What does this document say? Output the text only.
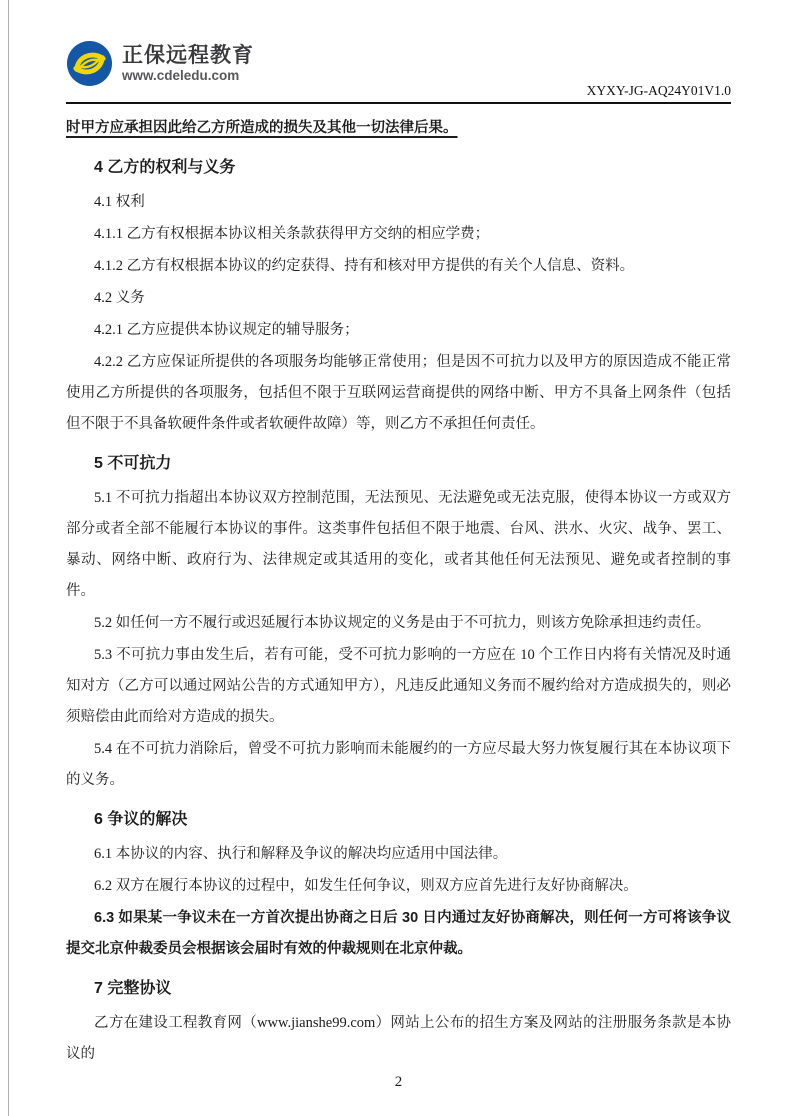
正保远程教育
www.cdeledu.com
XYXY-JG-AQ24Y01V1.0
时甲方应承担因此给乙方所造成的损失及其他一切法律后果。
4 乙方的权利与义务
4.1 权利
4.1.1 乙方有权根据本协议相关条款获得甲方交纳的相应学费；
4.1.2 乙方有权根据本协议的约定获得、持有和核对甲方提供的有关个人信息、资料。
4.2 义务
4.2.1 乙方应提供本协议规定的辅导服务；
4.2.2 乙方应保证所提供的各项服务均能够正常使用；但是因不可抗力以及甲方的原因造成不能正常使用乙方所提供的各项服务，包括但不限于互联网运营商提供的网络中断、甲方不具备上网条件（包括但不限于不具备软硬件条件或者软硬件故障）等，则乙方不承担任何责任。
5 不可抗力
5.1 不可抗力指超出本协议双方控制范围，无法预见、无法避免或无法克服，使得本协议一方或双方部分或者全部不能履行本协议的事件。这类事件包括但不限于地震、台风、洪水、火灾、战争、罢工、暴动、网络中断、政府行为、法律规定或其适用的变化，或者其他任何无法预见、避免或者控制的事件。
5.2 如任何一方不履行或迟延履行本协议规定的义务是由于不可抗力，则该方免除承担违约责任。
5.3 不可抗力事由发生后，若有可能，受不可抗力影响的一方应在 10 个工作日内将有关情况及时通知对方（乙方可以通过网站公告的方式通知甲方），凡违反此通知义务而不履约给对方造成损失的，则必须赔偿由此而给对方造成的损失。
5.4 在不可抗力消除后，曾受不可抗力影响而未能履约的一方应尽最大努力恢复履行其在本协议项下的义务。
6 争议的解决
6.1 本协议的内容、执行和解释及争议的解决均应适用中国法律。
6.2 双方在履行本协议的过程中，如发生任何争议，则双方应首先进行友好协商解决。
6.3 如果某一争议未在一方首次提出协商之日后 30 日内通过友好协商解决，则任何一方可将该争议提交北京仲裁委员会根据该会届时有效的仲裁规则在北京仲裁。
7 完整协议
乙方在建设工程教育网（www.jianshe99.com）网站上公布的招生方案及网站的注册服务条款是本协议的
2
